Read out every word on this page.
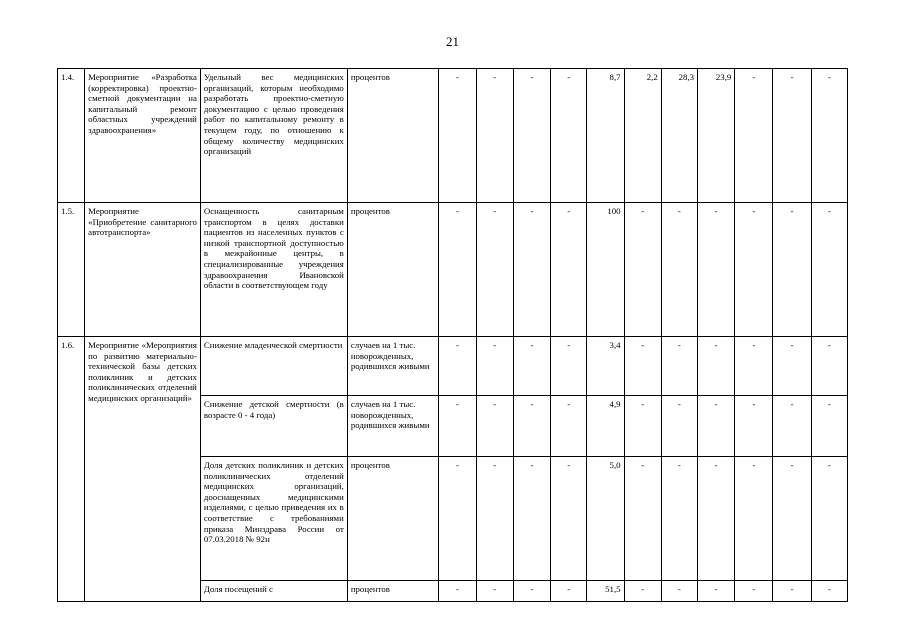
21
1.4.	Мероприятие «Разработка (корректировка) проектно-сметной документации на капитальный ремонт областных учреждений здравоохранения»	Удельный вес медицинских организаций, которым необходимо разработать проектно-сметную документацию с целью проведения работ по капитальному ремонту в текущем году, по отношению к общему количеству медицинских организаций	процентов	-	-	-	-	8,7	2,2	28,3	23,9	-	-	-
1.5.	Мероприятие «Приобретение санитарного автотранспорта»	Оснащенность санитарным транспортом в целях доставки пациентов из населенных пунктов с низкой транспортной доступностью в межрайонные центры, в специализированные учреждения здравоохранения Ивановской области в соответствующем году	процентов	-	-	-	-	100	-	-	-	-	-	-
1.6.	Мероприятие «Мероприятия по развитию материально-технической базы детских поликлиник и детских поликлинических отделений медицинских организаций»	Снижение младенческой смертности	случаев на 1 тыс. новорожденных, родившихся живыми	-	-	-	-	3,4	-	-	-	-	-	-
		Снижение детской смертности (в возрасте 0 - 4 года)	случаев на 1 тыс. новорожденных, родившихся живыми	-	-	-	-	4,9	-	-	-	-	-	-
		Доля детских поликлиник и детских поликлинических отделений медицинских организаций, дооснащенных медицинскими изделиями, с целью приведения их в соответствие с требованиями приказа Минздрава России от 07.03.2018 № 92н	процентов	-	-	-	-	5,0	-	-	-	-	-	-
		Доля посещений с	процентов	-	-	-	-	51,5	-	-	-	-	-	-
